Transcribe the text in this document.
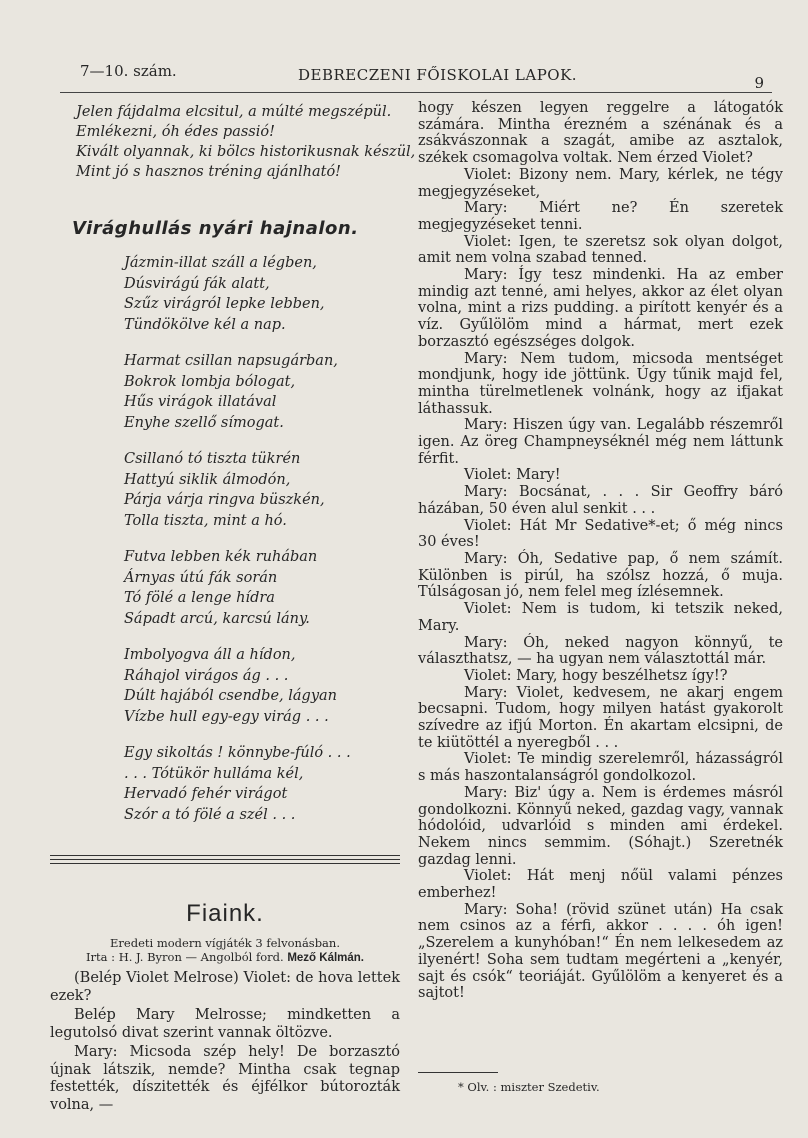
7—10. szám.	DEBRECZENI FŐISKOLAI LAPOK.	9
Jelen fájdalma elcsitul, a múlté megszépül.
Emlékezni, óh édes passió!
Kivált olyannak, ki bölcs historikusnak készül,
Mint jó s hasznos tréning ajánlható!
Virághullás nyári hajnalon.
Jázmin-illat száll a légben,
Dúsvirágú fák alatt,
Szűz virágról lepke lebben,
Tündökölve kél a nap.
Harmat csillan napsugárban,
Bokrok lombja bólogat,
Hűs virágok illatával
Enyhe szellő símogat.
Csillanó tó tiszta tükrén
Hattyú siklik álmodón,
Párja várja ringva büszkén,
Tolla tiszta, mint a hó.
Futva lebben kék ruhában
Árnyas útú fák során
Tó fölé a lenge hídra
Sápadt arcú, karcsú lány.
Imbolyogva áll a hídon,
Ráhajol virágos ág . . .
Dúlt hajából csendbe, lágyan
Vízbe hull egy-egy virág . . .
Egy sikoltás ! könnybe-fúló . . .
. . . Tótükör hulláma kél,
Hervadó fehér virágot
Szór a tó fölé a szél . . .
Fiaink.
Eredeti modern vígjáték 3 felvonásban.
Irta : H. J. Byron — Angolból ford. Mező Kálmán.

(Belép Violet Melrose) Violet: de hova lettek ezek?

Belép Mary Melrosse; mindketten a legutolsó divat szerint vannak öltözve.

Mary: Micsoda szép hely! De borzasztó újnak látszik, nemde? Mintha csak tegnap festették, díszitették és éjfélkor bútorozták volna, —

hogy készen legyen reggelre a látogatók számára. Mintha érezném a szénának és a zsákvászonnak a szagát, amibe az asztalok, székek csomagolva voltak. Nem érzed Violet?

Violet: Bizony nem. Mary, kérlek, ne tégy megjegyzéseket,

Mary: Miért ne? Én szeretek megjegyzéseket tenni.

Violet: Igen, te szeretsz sok olyan dolgot, amit nem volna szabad tenned.

Mary: Így tesz mindenki. Ha az ember mindig azt tenné, ami helyes, akkor az élet olyan volna, mint a rizs pudding. a pirított kenyér és a víz. Gyűlölöm mind a hármat, mert ezek borzasztó egészséges dolgok.

Mary: Nem tudom, micsoda mentséget mondjunk, hogy ide jöttünk. Úgy tűnik majd fel, mintha türelmetlenek volnánk, hogy az ifjakat láthassuk.

Mary: Hiszen úgy van. Legalább részemről igen. Az öreg Champneyséknél még nem láttunk férfit.

Violet: Mary!

Mary: Bocsánat, . . . Sir Geoffry báró házában, 50 éven alul senkit . . .

Violet: Hát Mr Sedative*-et; ő még nincs 30 éves!

Mary: Óh, Sedative pap, ő nem számít. Különben is pirúl, ha szólsz hozzá, ő muja. Túlságosan jó, nem felel meg ízlésemnek.

Violet: Nem is tudom, ki tetszik neked, Mary.

Mary: Óh, neked nagyon könnyű, te választhatsz, — ha ugyan nem választottál már.

Violet: Mary, hogy beszélhetsz így!?

Mary: Violet, kedvesem, ne akarj engem becsapni. Tudom, hogy milyen hatást gyakorolt szívedre az ifjú Morton. Én akartam elcsipni, de te kiütöttél a nyeregből . . .

Violet: Te mindig szerelemről, házasságról s más haszontalanságról gondolkozol.

Mary: Biz' úgy a. Nem is érdemes másról gondolkozni. Könnyű neked, gazdag vagy, vannak hódolóid, udvarlóid s minden ami érdekel. Nekem nincs semmim. (Sóhajt.) Szeretnék gazdag lenni.

Violet: Hát menj nőül valami pénzes emberhez!

Mary: Soha! (rövid szünet után) Ha csak nem csinos az a férfi, akkor . . . . óh igen! „Szerelem a kunyhóban!“ Én nem lelkesedem az ilyenért! Soha sem tudtam megérteni a „kenyér, sajt és csók“ teoriáját. Gyűlölöm a kenyeret és a sajtot!

* Olv. : miszter Szedetiv.
